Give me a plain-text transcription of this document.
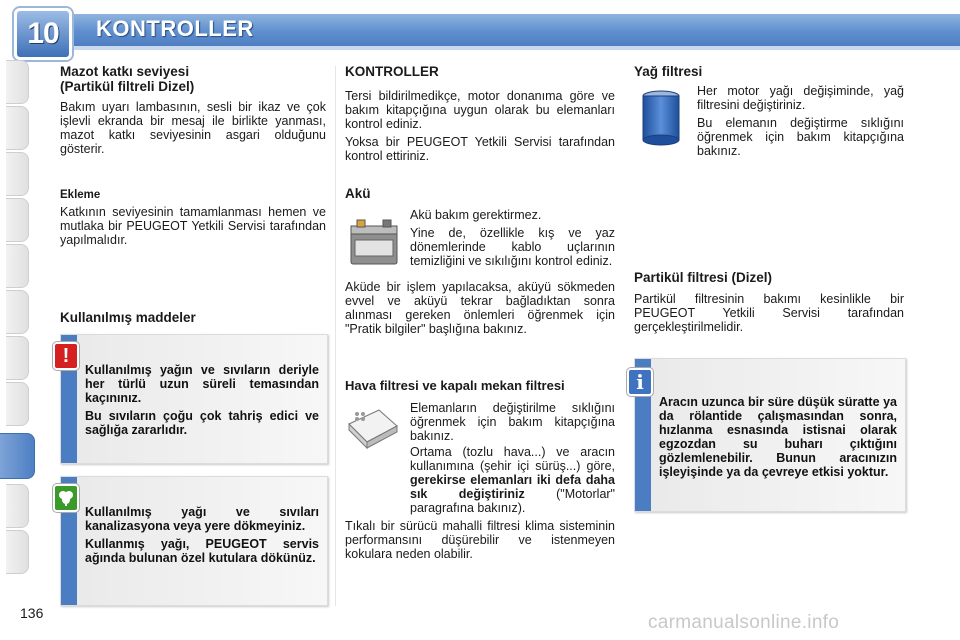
10	KONTROLLER
Mazot katkı seviyesi
(Partikül filtreli Dizel)

Bakım uyarı lambasının, sesli bir ikaz ve çok işlevli ekranda bir mesaj ile birlikte yanması, mazot katkı seviyesinin asgari olduğunu gösterir.

Ekleme

Katkının seviyesinin tamamlanması hemen ve mutlaka bir PEUGEOT Yetkili Servisi tarafından yapılmalıdır.

Kullanılmış maddeler

Kullanılmış yağın ve sıvıların deriyle her türlü uzun süreli temasından kaçınınız.

Bu sıvıların çoğu çok tahriş edici ve sağlığa zararlıdır.

!

Kullanılmış yağı ve sıvıları kanalizasyona veya yere dökmeyiniz.

Kullanmış yağı, PEUGEOT servis ağında bulunan özel kutulara dökünüz.

KONTROLLER

Tersi bildirilmedikçe, motor donanıma göre ve bakım kitapçığına uygun olarak bu elemanları kontrol ediniz.

Yoksa bir PEUGEOT Yetkili Servisi tarafından kontrol ettiriniz.

Akü

Akü bakım gerektirmez.

Yine de, özellikle kış ve yaz dönemlerinde kablo uçlarının temizliğini ve sıkılığını kontrol ediniz.

Aküde bir işlem yapılacaksa, aküyü sökmeden evvel ve aküyü tekrar bağladıktan sonra alınması gereken önlemleri öğrenmek için "Pratik bilgiler" başlığına bakınız.

Hava filtresi ve kapalı mekan filtresi

Elemanların değiştirilme sıklığını öğrenmek için bakım kitapçığına bakınız.

Ortama (tozlu hava...) ve aracın kullanımına (şehir içi sürüş...) göre, gerekirse elemanları iki defa daha sık değiştiriniz	("Motorlar" paragrafına bakınız).

Tıkalı bir sürücü mahalli filtresi klima sisteminin performansını düşürebilir ve istenmeyen kokulara neden olabilir.

Yağ filtresi

Her motor yağı değişiminde, yağ filtresini değiştiriniz.

Bu elemanın değiştirme sıklığını öğrenmek için bakım kitapçığına bakınız.

Partikül filtresi (Dizel)

Partikül filtresinin bakımı kesinlikle bir PEUGEOT Yetkili Servisi tarafından gerçekleştirilmelidir.

Aracın uzunca bir süre düşük süratte ya da rölantide çalışmasından sonra, hızlanma esnasında istisnai olarak egzozdan su buharı çıktığını gözlemlenebilir. Bunun aracınızın işleyişinde ya da çevreye etkisi yoktur.

i
136	carmanualsonline.info
